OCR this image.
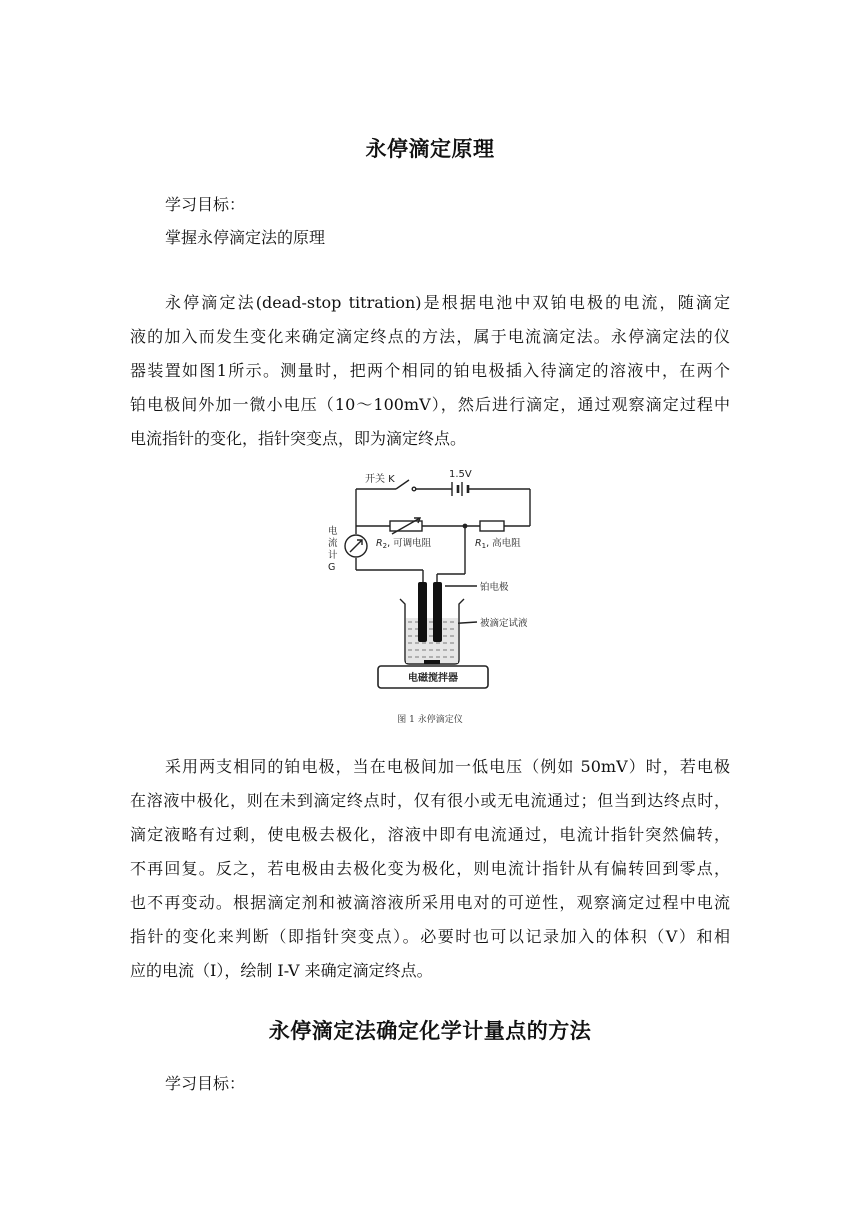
永停滴定原理
学习目标：
掌握永停滴定法的原理
永停滴定法(dead-stop titration)是根据电池中双铂电极的电流，随滴定
液的加入而发生变化来确定滴定终点的方法，属于电流滴定法。永停滴定法的仪
器装置如图1所示。测量时，把两个相同的铂电极插入待滴定的溶液中，在两个
铂电极间外加一微小电压（10～100mV），然后进行滴定，通过观察滴定过程中
电流指针的变化，指针突变点，即为滴定终点。
开关 K	1.5V
电
流
计
G
$R_2$, 可调电阻	$R_1$, 高电阻
铂电极
被滴定试液
电磁搅拌器
图 1 永停滴定仪
采用两支相同的铂电极，当在电极间加一低电压（例如 50mV）时，若电极
在溶液中极化，则在未到滴定终点时，仅有很小或无电流通过；但当到达终点时，
滴定液略有过剩，使电极去极化，溶液中即有电流通过，电流计指针突然偏转，
不再回复。反之，若电极由去极化变为极化，则电流计指针从有偏转回到零点，
也不再变动。根据滴定剂和被滴溶液所采用电对的可逆性，观察滴定过程中电流
指针的变化来判断（即指针突变点）。必要时也可以记录加入的体积（V）和相
应的电流（I），绘制 I-V 来确定滴定终点。
永停滴定法确定化学计量点的方法
学习目标：
